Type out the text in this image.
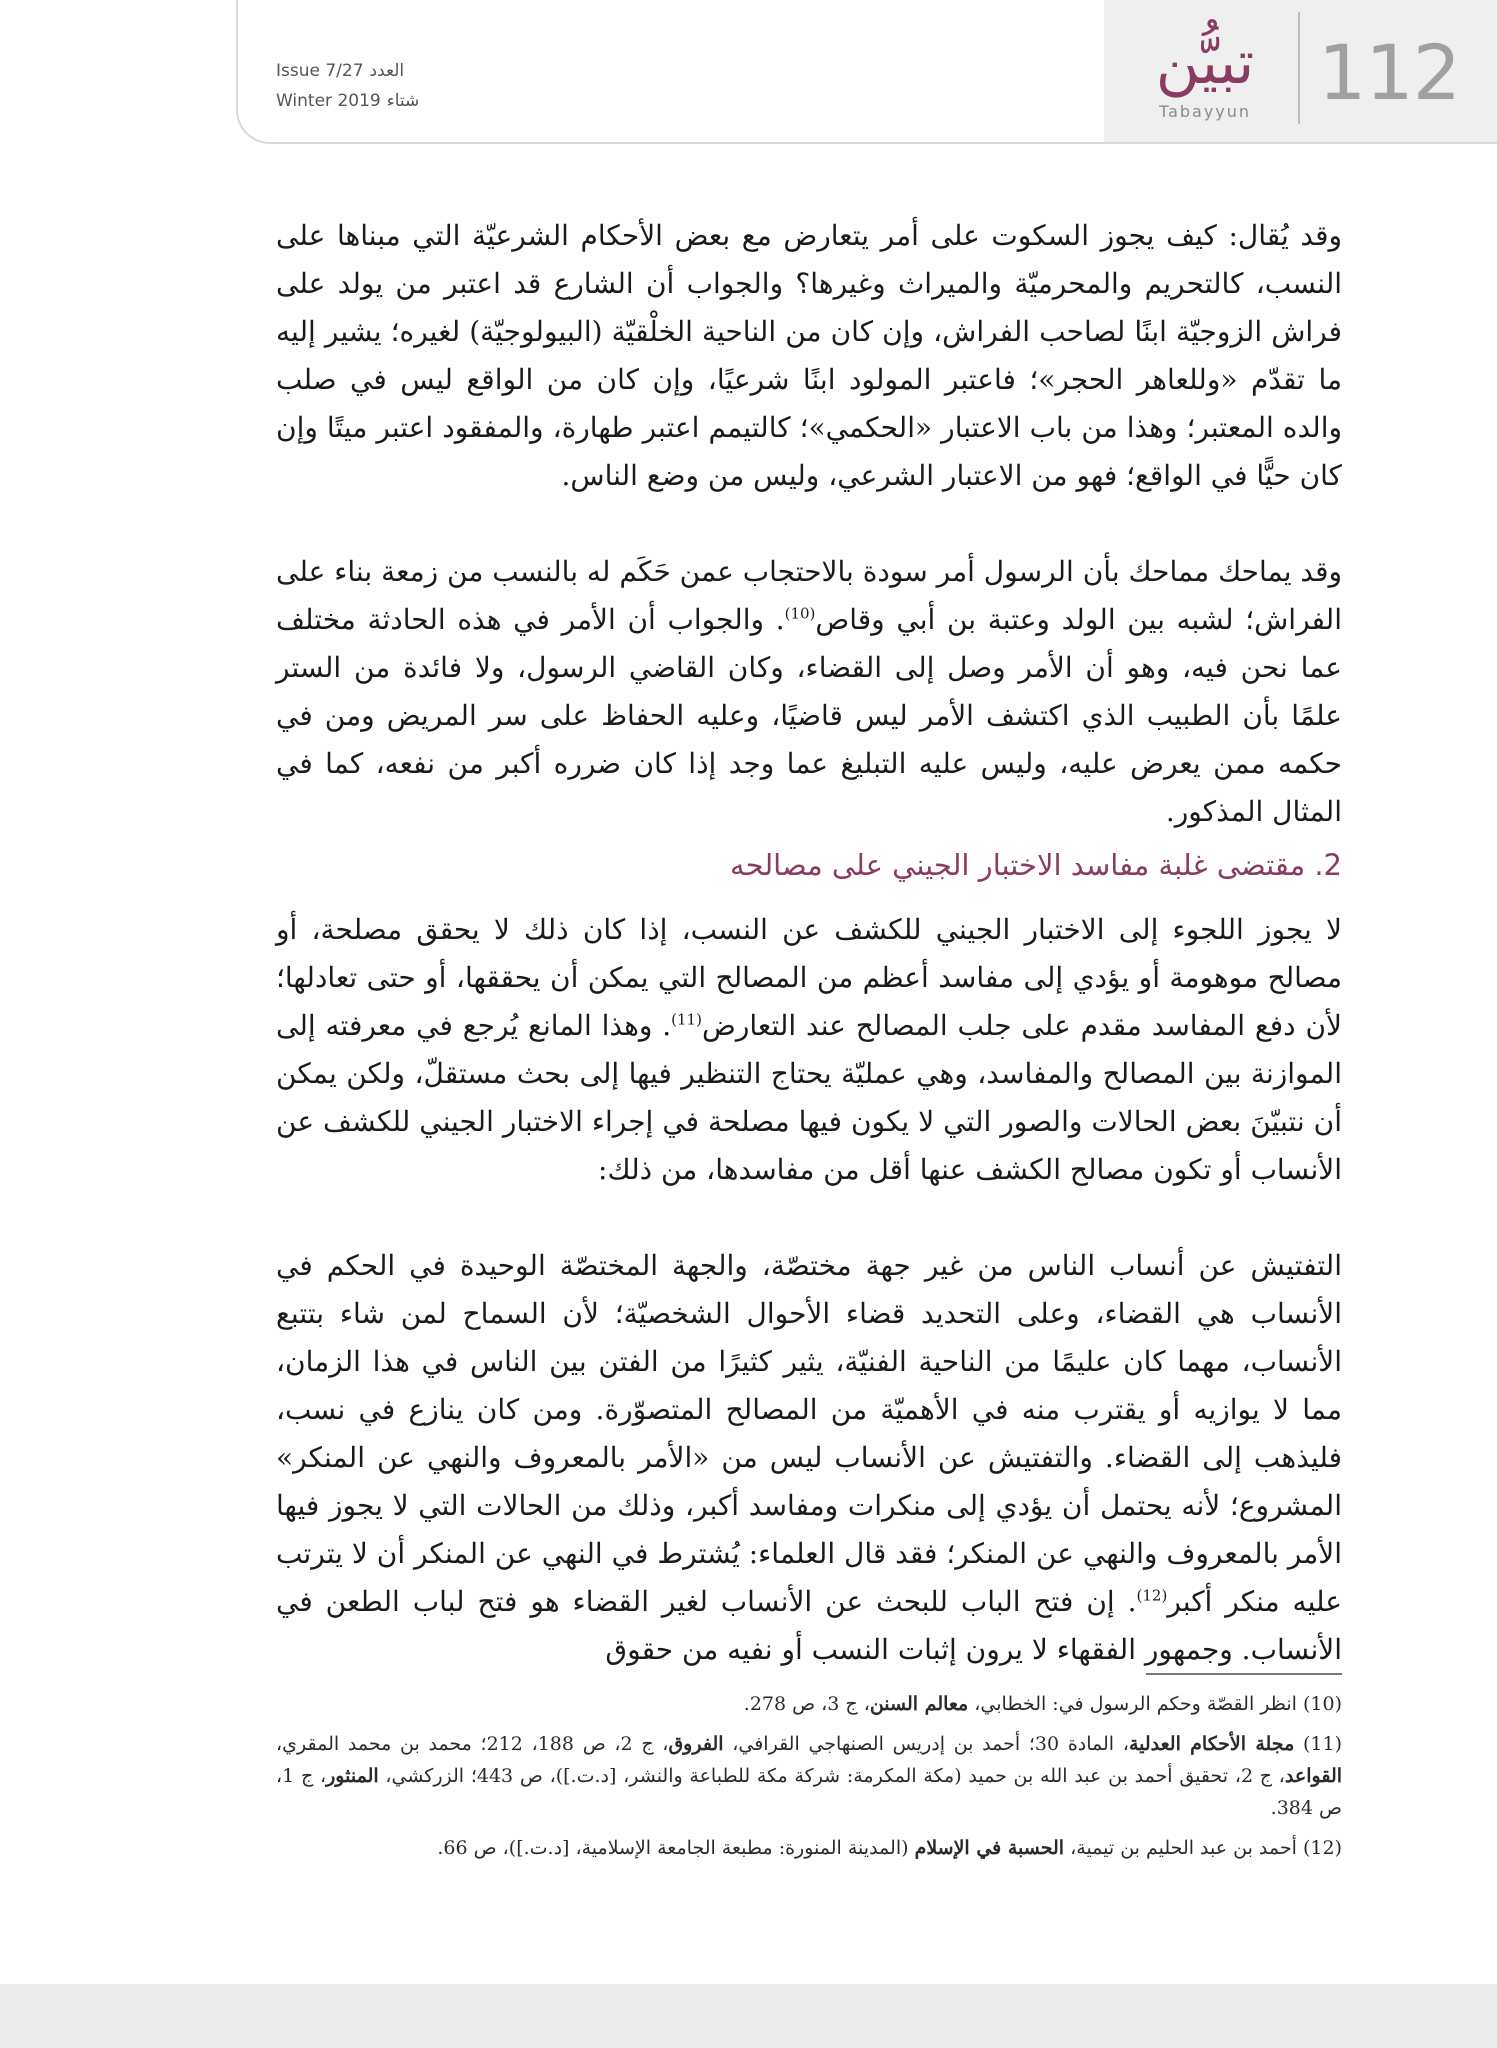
112
تبيُّن
Tabayyun
Issue 7/27 العدد
Winter 2019 شتاء
وقد يُقال: كيف يجوز السكوت على أمر يتعارض مع بعض الأحكام الشرعيّة التي مبناها على النسب، كالتحريم والمحرميّة والميراث وغيرها؟ والجواب أن الشارع قد اعتبر من يولد على فراش الزوجيّة ابنًا لصاحب الفراش، وإن كان من الناحية الخلْقيّة (البيولوجيّة) لغيره؛ يشير إليه ما تقدّم «وللعاهر الحجر»؛ فاعتبر المولود ابنًا شرعيًا، وإن كان من الواقع ليس في صلب والده المعتبر؛ وهذا من باب الاعتبار «الحكمي»؛ كالتيمم اعتبر طهارة، والمفقود اعتبر ميتًا وإن كان حيًّا في الواقع؛ فهو من الاعتبار الشرعي، وليس من وضع الناس.
وقد يماحك مماحك بأن الرسول أمر سودة بالاحتجاب عمن حَكَم له بالنسب من زمعة بناء على الفراش؛ لشبه بين الولد وعتبة بن أبي وقاص$^{(10)}$. والجواب أن الأمر في هذه الحادثة مختلف عما نحن فيه، وهو أن الأمر وصل إلى القضاء، وكان القاضي الرسول، ولا فائدة من الستر علمًا بأن الطبيب الذي اكتشف الأمر ليس قاضيًا، وعليه الحفاظ على سر المريض ومن في حكمه ممن يعرض عليه، وليس عليه التبليغ عما وجد إذا كان ضرره أكبر من نفعه، كما في المثال المذكور.
2. مقتضى غلبة مفاسد الاختبار الجيني على مصالحه
لا يجوز اللجوء إلى الاختبار الجيني للكشف عن النسب، إذا كان ذلك لا يحقق مصلحة، أو مصالح موهومة أو يؤدي إلى مفاسد أعظم من المصالح التي يمكن أن يحققها، أو حتى تعادلها؛ لأن دفع المفاسد مقدم على جلب المصالح عند التعارض$^{(11)}$. وهذا المانع يُرجع في معرفته إلى الموازنة بين المصالح والمفاسد، وهي عمليّة يحتاج التنظير فيها إلى بحث مستقلّ، ولكن يمكن أن نتبيّنَ بعض الحالات والصور التي لا يكون فيها مصلحة في إجراء الاختبار الجيني للكشف عن الأنساب أو تكون مصالح الكشف عنها أقل من مفاسدها، من ذلك:
التفتيش عن أنساب الناس من غير جهة مختصّة، والجهة المختصّة الوحيدة في الحكم في الأنساب هي القضاء، وعلى التحديد قضاء الأحوال الشخصيّة؛ لأن السماح لمن شاء بتتبع الأنساب، مهما كان عليمًا من الناحية الفنيّة، يثير كثيرًا من الفتن بين الناس في هذا الزمان، مما لا يوازيه أو يقترب منه في الأهميّة من المصالح المتصوّرة. ومن كان ينازع في نسب، فليذهب إلى القضاء. والتفتيش عن الأنساب ليس من «الأمر بالمعروف والنهي عن المنكر» المشروع؛ لأنه يحتمل أن يؤدي إلى منكرات ومفاسد أكبر، وذلك من الحالات التي لا يجوز فيها الأمر بالمعروف والنهي عن المنكر؛ فقد قال العلماء: يُشترط في النهي عن المنكر أن لا يترتب عليه منكر أكبر$^{(12)}$. إن فتح الباب للبحث عن الأنساب لغير القضاء هو فتح لباب الطعن في الأنساب. وجمهور الفقهاء لا يرون إثبات النسب أو نفيه من حقوق

(10) انظر القصّة وحكم الرسول في: الخطابي، معالم السنن، ج 3، ص 278.

(11) مجلة الأحكام العدلية، المادة 30؛ أحمد بن إدريس الصنهاجي القرافي، الفروق، ج 2، ص 188، 212؛ محمد بن محمد المقري، القواعد، ج 2، تحقيق أحمد بن عبد الله بن حميد (مكة المكرمة: شركة مكة للطباعة والنشر، [د.ت.])، ص 443؛ الزركشي، المنثور، ج 1، ص 384.

(12) أحمد بن عبد الحليم بن تيمية، الحسبة في الإسلام (المدينة المنورة: مطبعة الجامعة الإسلامية، [د.ت.])، ص 66.
